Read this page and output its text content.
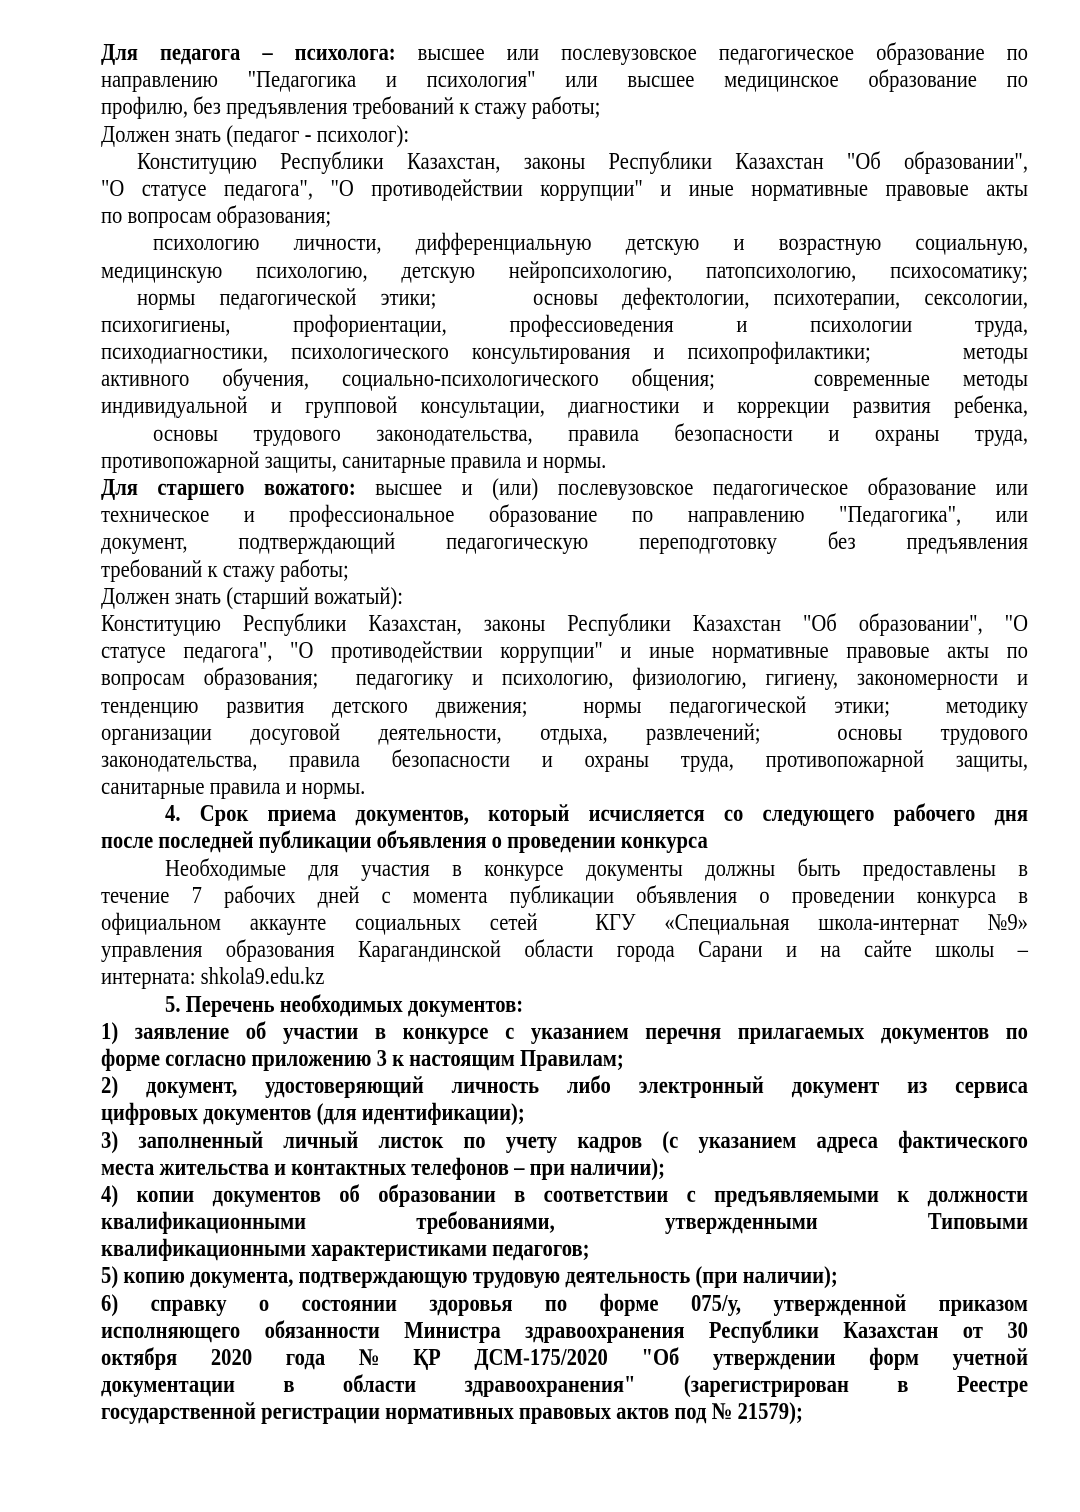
Для педагога – психолога: высшее или послевузовское педагогическое образование по
направлению "Педагогика и психология" или высшее медицинское образование по
профилю, без предъявления требований к стажу работы;
Должен знать (педагог - психолог):
Конституцию Республики Казахстан, законы Республики Казахстан "Об образовании",
"О статусе педагога", "О противодействии коррупции" и иные нормативные правовые акты
по вопросам образования;
психологию личности, дифференциальную детскую и возрастную социальную,
медицинскую психологию, детскую нейропсихологию, патопсихологию, психосоматику;
нормы педагогической этики;    основы дефектологии, психотерапии, сексологии,
психогигиены, профориентации, профессиоведения и психологии труда,
психодиагностики, психологического консультирования и психопрофилактики;    методы
активного обучения, социально-психологического общения;   современные методы
индивидуальной и групповой консультации, диагностики и коррекции развития ребенка,
основы трудового законодательства, правила безопасности и охраны труда,
противопожарной защиты, санитарные правила и нормы.
Для старшего вожатого: высшее и (или) послевузовское педагогическое образование или
техническое и профессиональное образование по направлению "Педагогика", или
документ, подтверждающий педагогическую переподготовку без предъявления
требований к стажу работы;
Должен знать (старший вожатый):
Конституцию Республики Казахстан, законы Республики Казахстан "Об образовании", "О
статусе педагога", "О противодействии коррупции" и иные нормативные правовые акты по
вопросам образования;  педагогику и психологию, физиологию, гигиену, закономерности и
тенденцию развития детского движения;  нормы педагогической этики;  методику
организации досуговой деятельности, отдыха, развлечений;  основы трудового
законодательства, правила безопасности и охраны труда, противопожарной защиты,
санитарные правила и нормы.
4. Срок приема документов, который исчисляется со следующего рабочего дня
после последней публикации объявления о проведении конкурса
Необходимые для участия в конкурсе документы должны быть предоставлены в
течение 7 рабочих дней с момента публикации объявления о проведении конкурса в
официальном аккаунте социальных сетей  КГУ «Специальная школа-интернат №9»
управления образования Карагандинской области города Сарани и на сайте школы –
интерната: shkola9.edu.kz
5. Перечень необходимых документов:
1) заявление об участии в конкурсе с указанием перечня прилагаемых документов по
форме согласно приложению 3 к настоящим Правилам;
2) документ, удостоверяющий личность либо электронный документ из сервиса
цифровых документов (для идентификации);
3) заполненный личный листок по учету кадров (с указанием адреса фактического
места жительства и контактных телефонов – при наличии);
4) копии документов об образовании в соответствии с предъявляемыми к должности
квалификационными требованиями, утвержденными Типовыми
квалификационными характеристиками педагогов;
5) копию документа, подтверждающую трудовую деятельность (при наличии);
6) справку о состоянии здоровья по форме 075/у, утвержденной приказом
исполняющего обязанности Министра здравоохранения Республики Казахстан от 30
октября 2020 года № ҚР ДСМ-175/2020 "Об утверждении форм учетной
документации в области здравоохранения" (зарегистрирован в Реестре
государственной регистрации нормативных правовых актов под № 21579);
